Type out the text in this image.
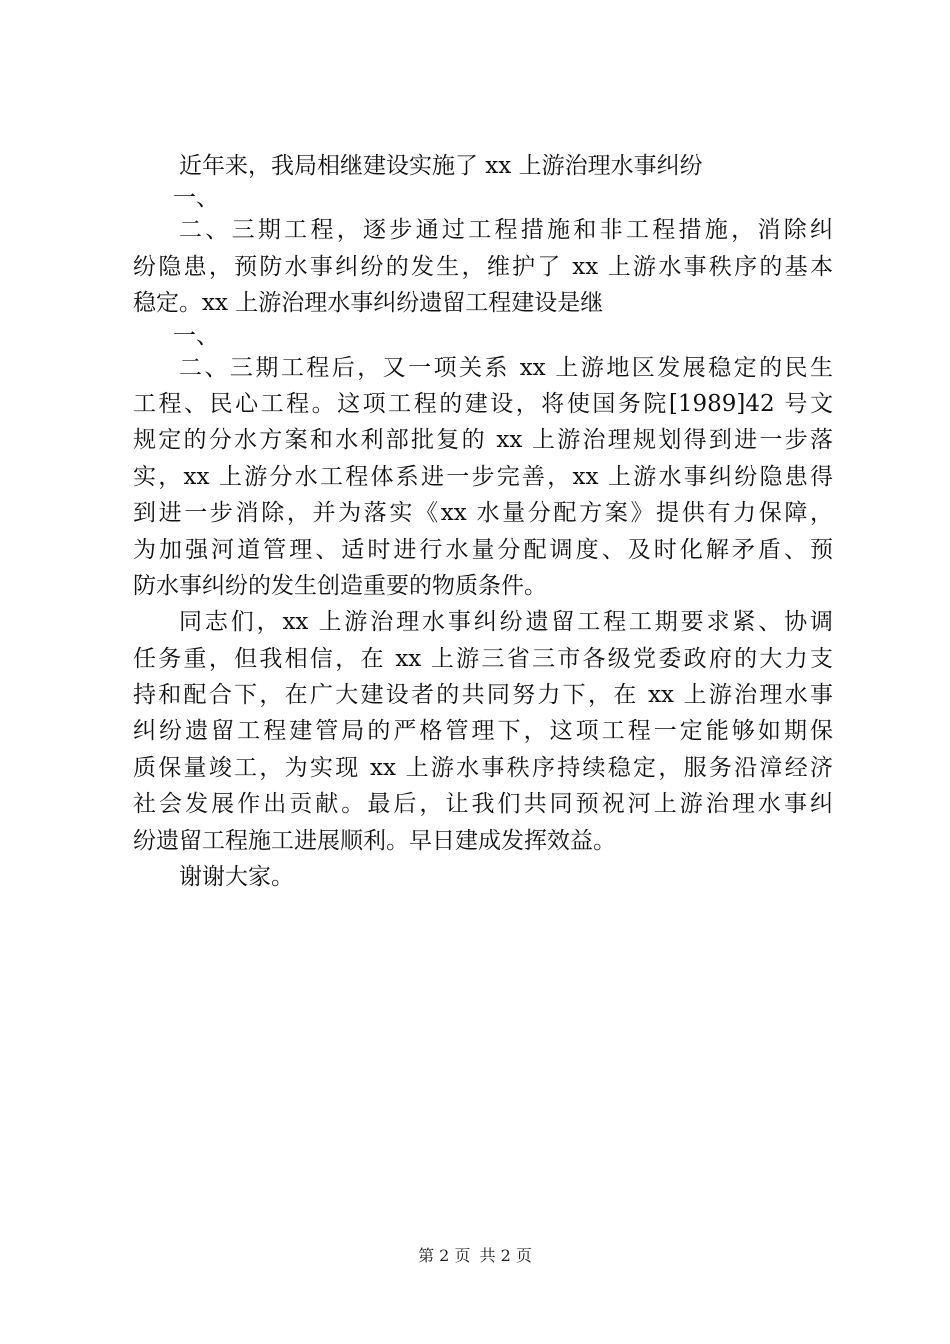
近年来，我局相继建设实施了 xx 上游治理水事纠纷
一、
二、三期工程，逐步通过工程措施和非工程措施，消除纠
纷隐患，预防水事纠纷的发生，维护了 xx 上游水事秩序的基本
稳定。xx 上游治理水事纠纷遗留工程建设是继
一、
二、三期工程后，又一项关系 xx 上游地区发展稳定的民生
工程、民心工程。这项工程的建设，将使国务院[1989]42 号文
规定的分水方案和水利部批复的 xx 上游治理规划得到进一步落
实，xx 上游分水工程体系进一步完善，xx 上游水事纠纷隐患得
到进一步消除，并为落实《xx 水量分配方案》提供有力保障，
为加强河道管理、适时进行水量分配调度、及时化解矛盾、预
防水事纠纷的发生创造重要的物质条件。
同志们，xx 上游治理水事纠纷遗留工程工期要求紧、协调
任务重，但我相信，在 xx 上游三省三市各级党委政府的大力支
持和配合下，在广大建设者的共同努力下，在 xx 上游治理水事
纠纷遗留工程建管局的严格管理下，这项工程一定能够如期保
质保量竣工，为实现 xx 上游水事秩序持续稳定，服务沿漳经济
社会发展作出贡献。最后，让我们共同预祝河上游治理水事纠
纷遗留工程施工进展顺利。早日建成发挥效益。
谢谢大家。
第 2 页 共 2 页
